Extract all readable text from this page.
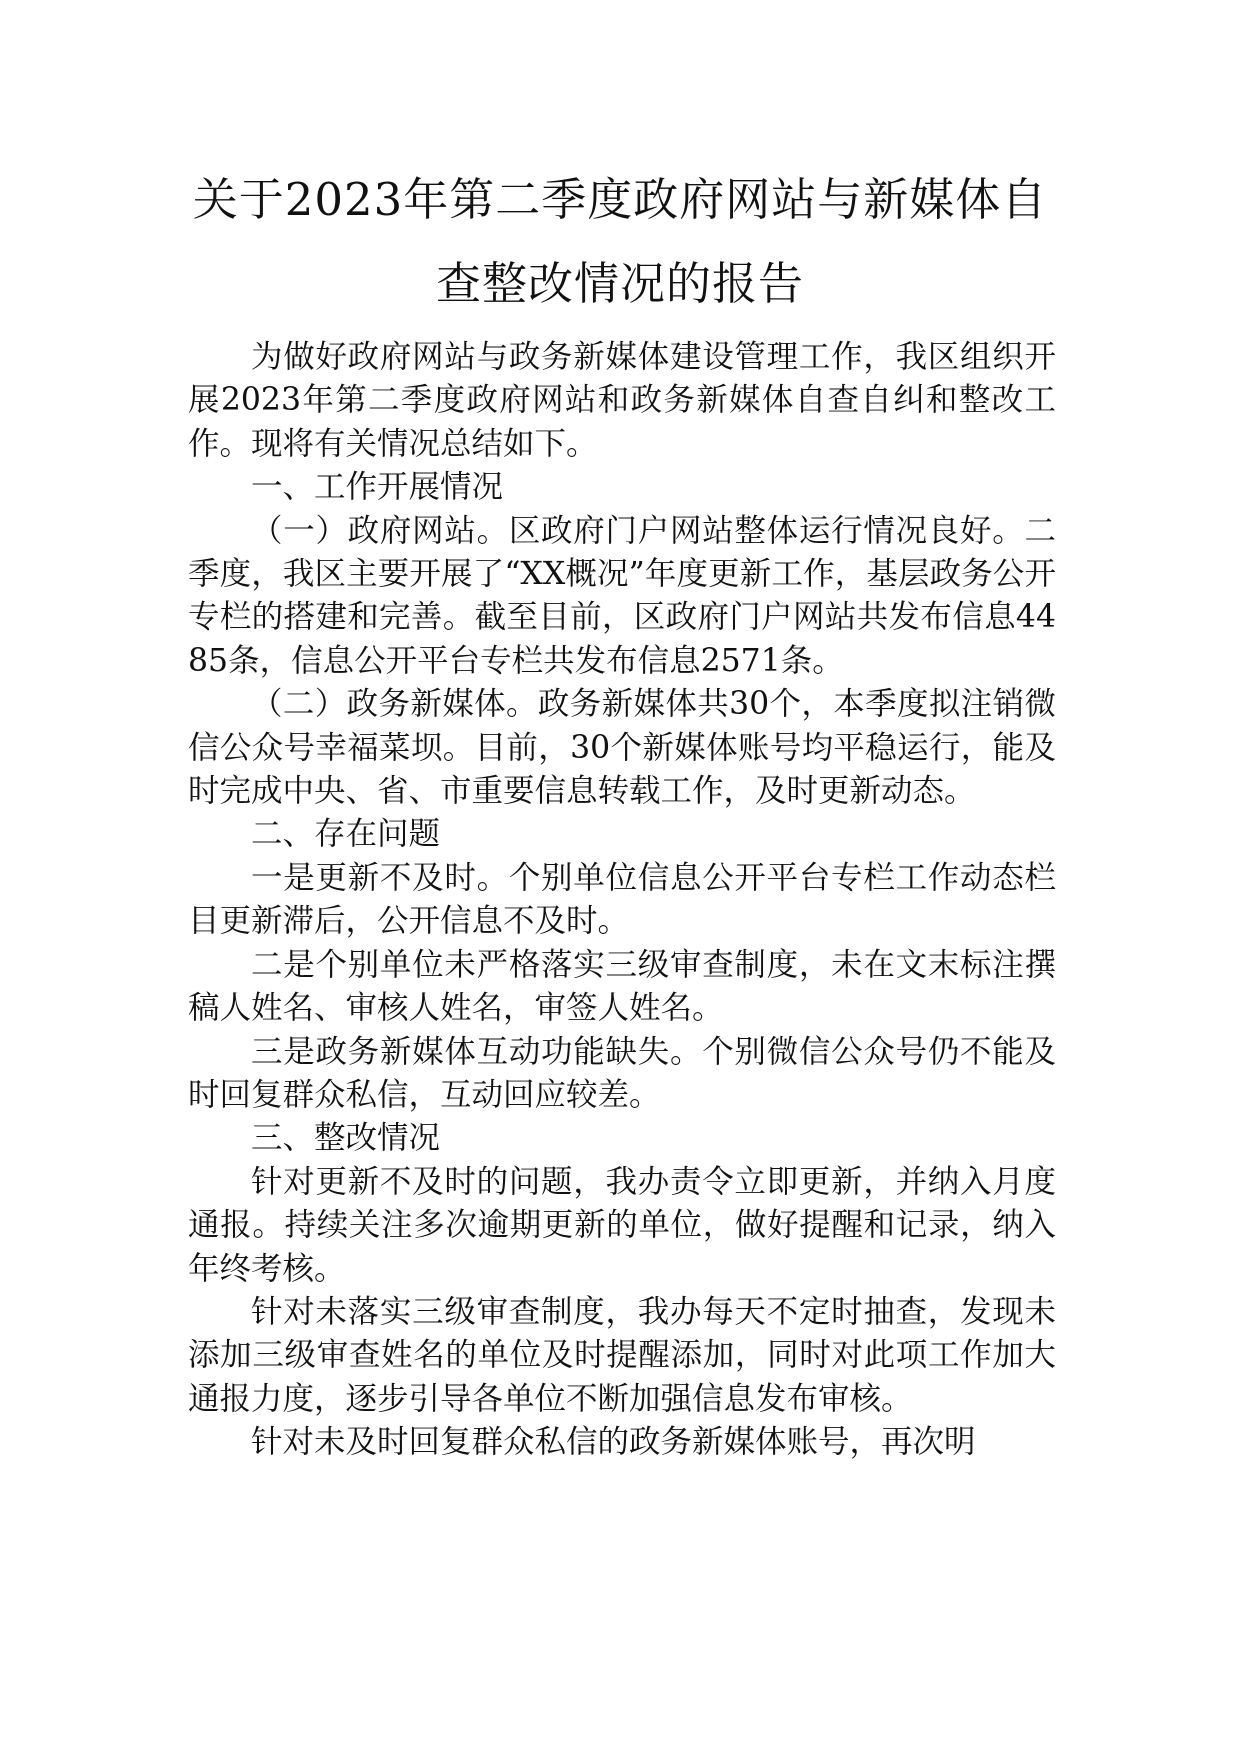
关于2023年第二季度政府网站与新媒体自
查整改情况的报告

为做好政府网站与政务新媒体建设管理工作，我区组织开展2023年第二季度政府网站和政务新媒体自查自纠和整改工作。现将有关情况总结如下。

一、工作开展情况

（一）政府网站。区政府门户网站整体运行情况良好。二季度，我区主要开展了“XX概况”年度更新工作，基层政务公开专栏的搭建和完善。截至目前，区政府门户网站共发布信息4485条，信息公开平台专栏共发布信息2571条。

（二）政务新媒体。政务新媒体共30个，本季度拟注销微信公众号幸福菜坝。目前，30个新媒体账号均平稳运行，能及时完成中央、省、市重要信息转载工作，及时更新动态。

二、存在问题

一是更新不及时。个别单位信息公开平台专栏工作动态栏目更新滞后，公开信息不及时。

二是个别单位未严格落实三级审查制度，未在文末标注撰稿人姓名、审核人姓名，审签人姓名。

三是政务新媒体互动功能缺失。个别微信公众号仍不能及时回复群众私信，互动回应较差。

三、整改情况

针对更新不及时的问题，我办责令立即更新，并纳入月度通报。持续关注多次逾期更新的单位，做好提醒和记录，纳入年终考核。

针对未落实三级审查制度，我办每天不定时抽查，发现未添加三级审查姓名的单位及时提醒添加，同时对此项工作加大通报力度，逐步引导各单位不断加强信息发布审核。

针对未及时回复群众私信的政务新媒体账号，再次明
